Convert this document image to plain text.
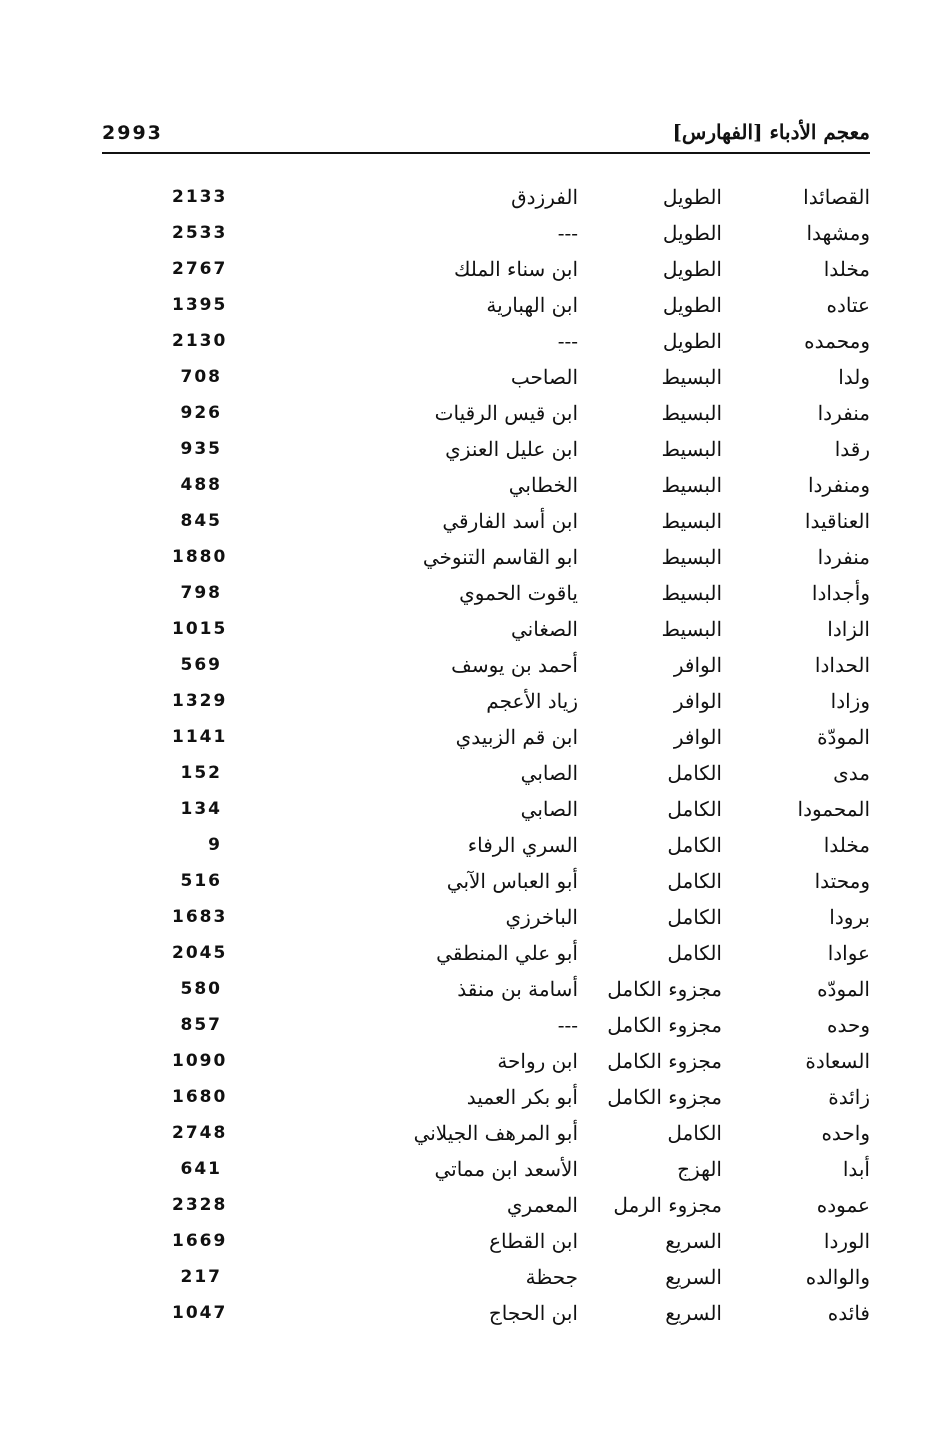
معجم الأدباء [الفهارس]
2993
القصائدا
الطويل
الفرزدق
2133
ومشهدا
الطويل
---
2533
مخلدا
الطويل
ابن سناء الملك
2767
عتاده
الطويل
ابن الهبارية
1395
ومحمده
الطويل
---
2130
ولدا
البسيط
الصاحب
708
منفردا
البسيط
ابن قيس الرقيات
926
رقدا
البسيط
ابن عليل العنزي
935
ومنفردا
البسيط
الخطابي
488
العناقيدا
البسيط
ابن أسد الفارقي
845
منفردا
البسيط
ابو القاسم التنوخي
1880
وأجدادا
البسيط
ياقوت الحموي
798
الزادا
البسيط
الصغاني
1015
الحدادا
الوافر
أحمد بن يوسف
569
وزادا
الوافر
زياد الأعجم
1329
المودّة
الوافر
ابن قم الزبيدي
1141
مدى
الكامل
الصابي
152
المحمودا
الكامل
الصابي
134
مخلدا
الكامل
السري الرفاء
9
ومحتدا
الكامل
أبو العباس الآبي
516
برودا
الكامل
الباخرزي
1683
عوادا
الكامل
أبو علي المنطقي
2045
المودّه
مجزوء الكامل
أسامة بن منقذ
580
وحده
مجزوء الكامل
---
857
السعادة
مجزوء الكامل
ابن رواحة
1090
زائدة
مجزوء الكامل
أبو بكر العميد
1680
واحده
الكامل
أبو المرهف الجيلاني
2748
أبدا
الهزج
الأسعد ابن مماتي
641
عموده
مجزوء الرمل
المعمري
2328
الوردا
السريع
ابن القطاع
1669
والوالده
السريع
جحظة
217
فائده
السريع
ابن الحجاج
1047
